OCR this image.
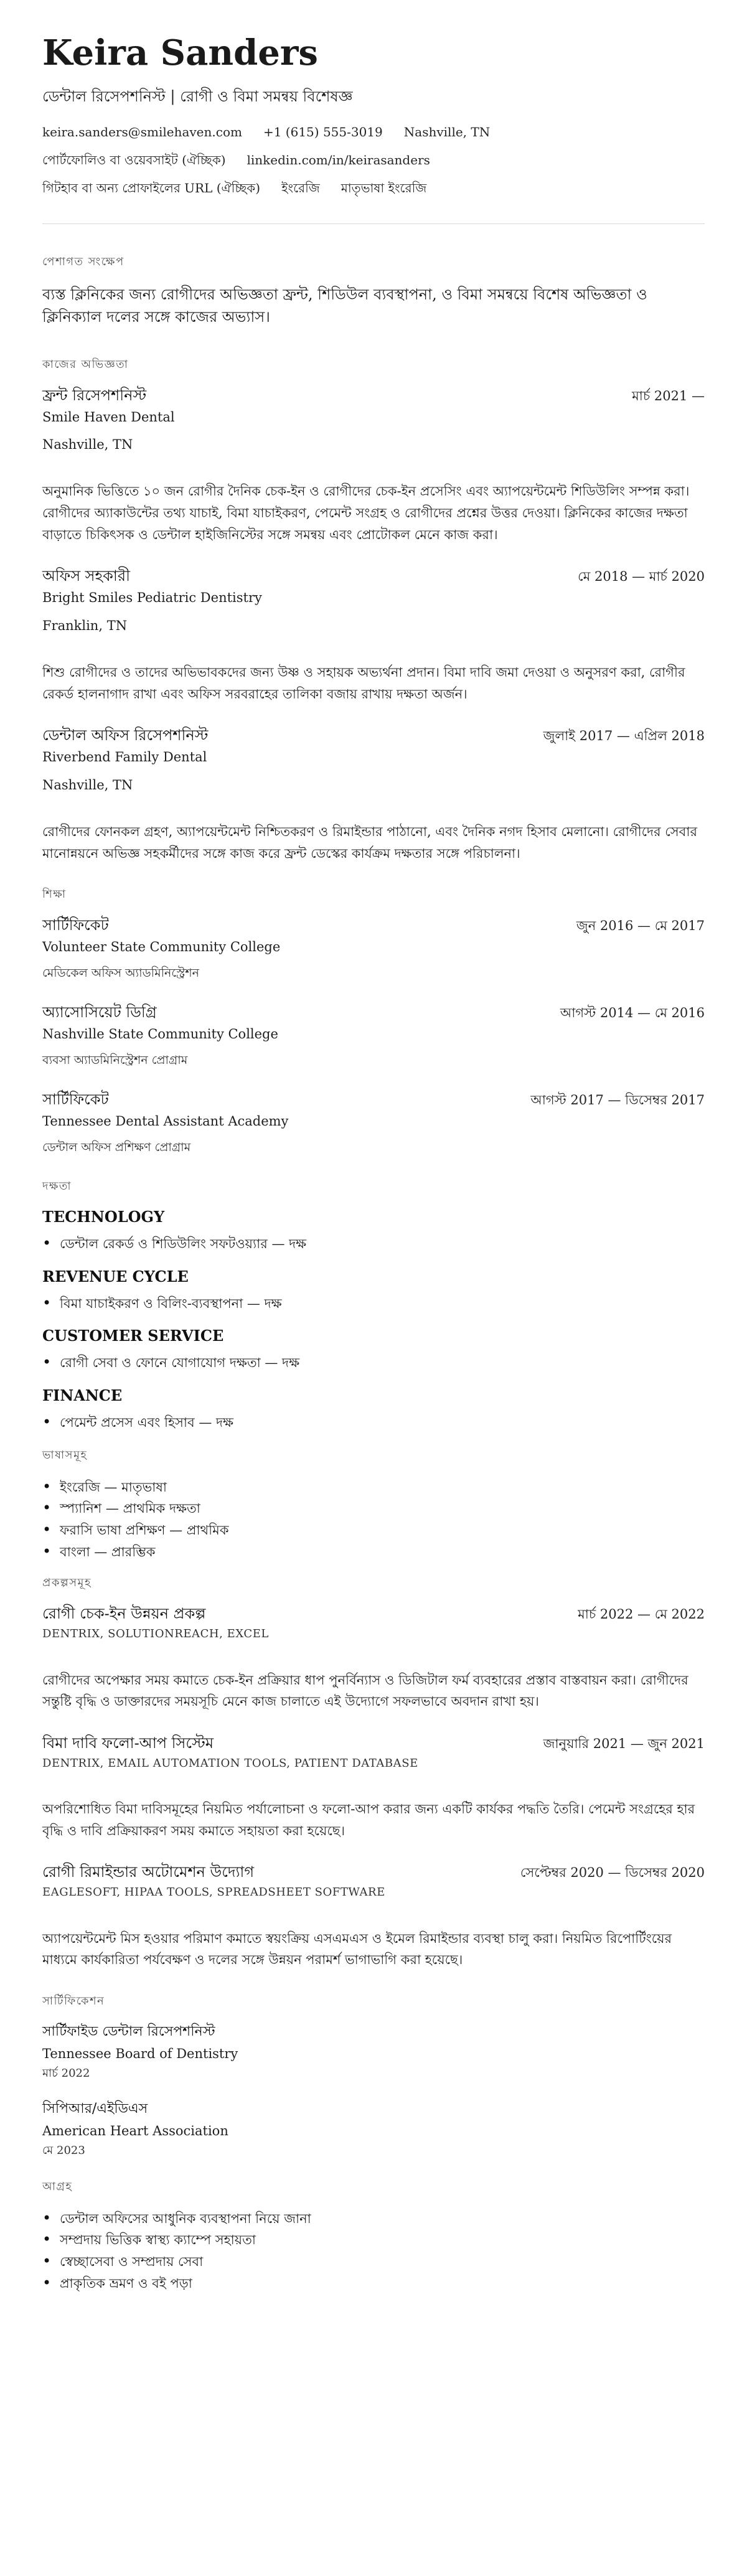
Keira Sanders
ডেন্টাল রিসেপশনিস্ট | রোগী ও বিমা সমন্বয় বিশেষজ্ঞ
keira.sanders@smilehaven.com +1 (615) 555-3019 Nashville, TN
পোর্টফোলিও বা ওয়েবসাইট (ঐচ্ছিক) linkedin.com/in/keirasanders
গিটহাব বা অন্য প্রোফাইলের URL (ঐচ্ছিক) ইংরেজি মাতৃভাষা ইংরেজি
পেশাগত সংক্ষেপ
ব্যস্ত ক্লিনিকের জন্য রোগীদের অভিজ্ঞতা ফ্রন্ট, শিডিউল ব্যবস্থাপনা, ও বিমা সমন্বয়ে বিশেষ অভিজ্ঞতা ও ক্লিনিক্যাল দলের সঙ্গে কাজের অভ্যাস।
কাজের অভিজ্ঞতা
ফ্রন্ট রিসেপশনিস্ট	মার্চ 2021 —
Smile Haven Dental
Nashville, TN
অনুমানিক ভিত্তিতে ১০ জন রোগীর দৈনিক চেক-ইন ও রোগীদের চেক-ইন প্রসেসিং এবং অ্যাপয়েন্টমেন্ট শিডিউলিং সম্পন্ন করা। রোগীদের অ্যাকাউন্টের তথ্য যাচাই, বিমা যাচাইকরণ, পেমেন্ট সংগ্রহ ও রোগীদের প্রশ্নের উত্তর দেওয়া। ক্লিনিকের কাজের দক্ষতা বাড়াতে চিকিৎসক ও ডেন্টাল হাইজিনিস্টের সঙ্গে সমন্বয় এবং প্রোটোকল মেনে কাজ করা।
অফিস সহকারী	মে 2018 — মার্চ 2020
Bright Smiles Pediatric Dentistry
Franklin, TN
শিশু রোগীদের ও তাদের অভিভাবকদের জন্য উষ্ণ ও সহায়ক অভ্যর্থনা প্রদান। বিমা দাবি জমা দেওয়া ও অনুসরণ করা, রোগীর রেকর্ড হালনাগাদ রাখা এবং অফিস সরবরাহের তালিকা বজায় রাখায় দক্ষতা অর্জন।
ডেন্টাল অফিস রিসেপশনিস্ট	জুলাই 2017 — এপ্রিল 2018
Riverbend Family Dental
Nashville, TN
রোগীদের ফোনকল গ্রহণ, অ্যাপয়েন্টমেন্ট নিশ্চিতকরণ ও রিমাইন্ডার পাঠানো, এবং দৈনিক নগদ হিসাব মেলানো। রোগীদের সেবার মানোন্নয়নে অভিজ্ঞ সহকর্মীদের সঙ্গে কাজ করে ফ্রন্ট ডেস্কের কার্যক্রম দক্ষতার সঙ্গে পরিচালনা।
শিক্ষা
সার্টিফিকেট	জুন 2016 — মে 2017
Volunteer State Community College
মেডিকেল অফিস অ্যাডমিনিস্ট্রেশন
অ্যাসোসিয়েট ডিগ্রি	আগস্ট 2014 — মে 2016
Nashville State Community College
ব্যবসা অ্যাডমিনিস্ট্রেশন প্রোগ্রাম
সার্টিফিকেট	আগস্ট 2017 — ডিসেম্বর 2017
Tennessee Dental Assistant Academy
ডেন্টাল অফিস প্রশিক্ষণ প্রোগ্রাম
দক্ষতা
TECHNOLOGY
• ডেন্টাল রেকর্ড ও শিডিউলিং সফটওয়্যার — দক্ষ
REVENUE CYCLE
• বিমা যাচাইকরণ ও বিলিং-ব্যবস্থাপনা — দক্ষ
CUSTOMER SERVICE
• রোগী সেবা ও ফোনে যোগাযোগ দক্ষতা — দক্ষ
FINANCE
• পেমেন্ট প্রসেস এবং হিসাব — দক্ষ
ভাষাসমূহ
• ইংরেজি — মাতৃভাষা
• স্প্যানিশ — প্রাথমিক দক্ষতা
• ফরাসি ভাষা প্রশিক্ষণ — প্রাথমিক
• বাংলা — প্রারম্ভিক
প্রকল্পসমূহ
রোগী চেক-ইন উন্নয়ন প্রকল্প	মার্চ 2022 — মে 2022
DENTRIX, SOLUTIONREACH, EXCEL
রোগীদের অপেক্ষার সময় কমাতে চেক-ইন প্রক্রিয়ার ধাপ পুনর্বিন্যাস ও ডিজিটাল ফর্ম ব্যবহারের প্রস্তাব বাস্তবায়ন করা। রোগীদের সন্তুষ্টি বৃদ্ধি ও ডাক্তারদের সময়সূচি মেনে কাজ চালাতে এই উদ্যোগে সফলভাবে অবদান রাখা হয়।
বিমা দাবি ফলো-আপ সিস্টেম	জানুয়ারি 2021 — জুন 2021
DENTRIX, EMAIL AUTOMATION TOOLS, PATIENT DATABASE
অপরিশোধিত বিমা দাবিসমূহের নিয়মিত পর্যালোচনা ও ফলো-আপ করার জন্য একটি কার্যকর পদ্ধতি তৈরি। পেমেন্ট সংগ্রহের হার বৃদ্ধি ও দাবি প্রক্রিয়াকরণ সময় কমাতে সহায়তা করা হয়েছে।
রোগী রিমাইন্ডার অটোমেশন উদ্যোগ	সেপ্টেম্বর 2020 — ডিসেম্বর 2020
EAGLESOFT, HIPAA TOOLS, SPREADSHEET SOFTWARE
অ্যাপয়েন্টমেন্ট মিস হওয়ার পরিমাণ কমাতে স্বয়ংক্রিয় এসএমএস ও ইমেল রিমাইন্ডার ব্যবস্থা চালু করা। নিয়মিত রিপোর্টিংয়ের মাধ্যমে কার্যকারিতা পর্যবেক্ষণ ও দলের সঙ্গে উন্নয়ন পরামর্শ ভাগাভাগি করা হয়েছে।
সার্টিফিকেশন
সার্টিফাইড ডেন্টাল রিসেপশনিস্ট
Tennessee Board of Dentistry
মার্চ 2022
সিপিআর/এইডিএস
American Heart Association
মে 2023
আগ্রহ
• ডেন্টাল অফিসের আধুনিক ব্যবস্থাপনা নিয়ে জানা
• সম্প্রদায় ভিত্তিক স্বাস্থ্য ক্যাম্পে সহায়তা
• স্বেচ্ছাসেবা ও সম্প্রদায় সেবা
• প্রাকৃতিক ভ্রমণ ও বই পড়া
